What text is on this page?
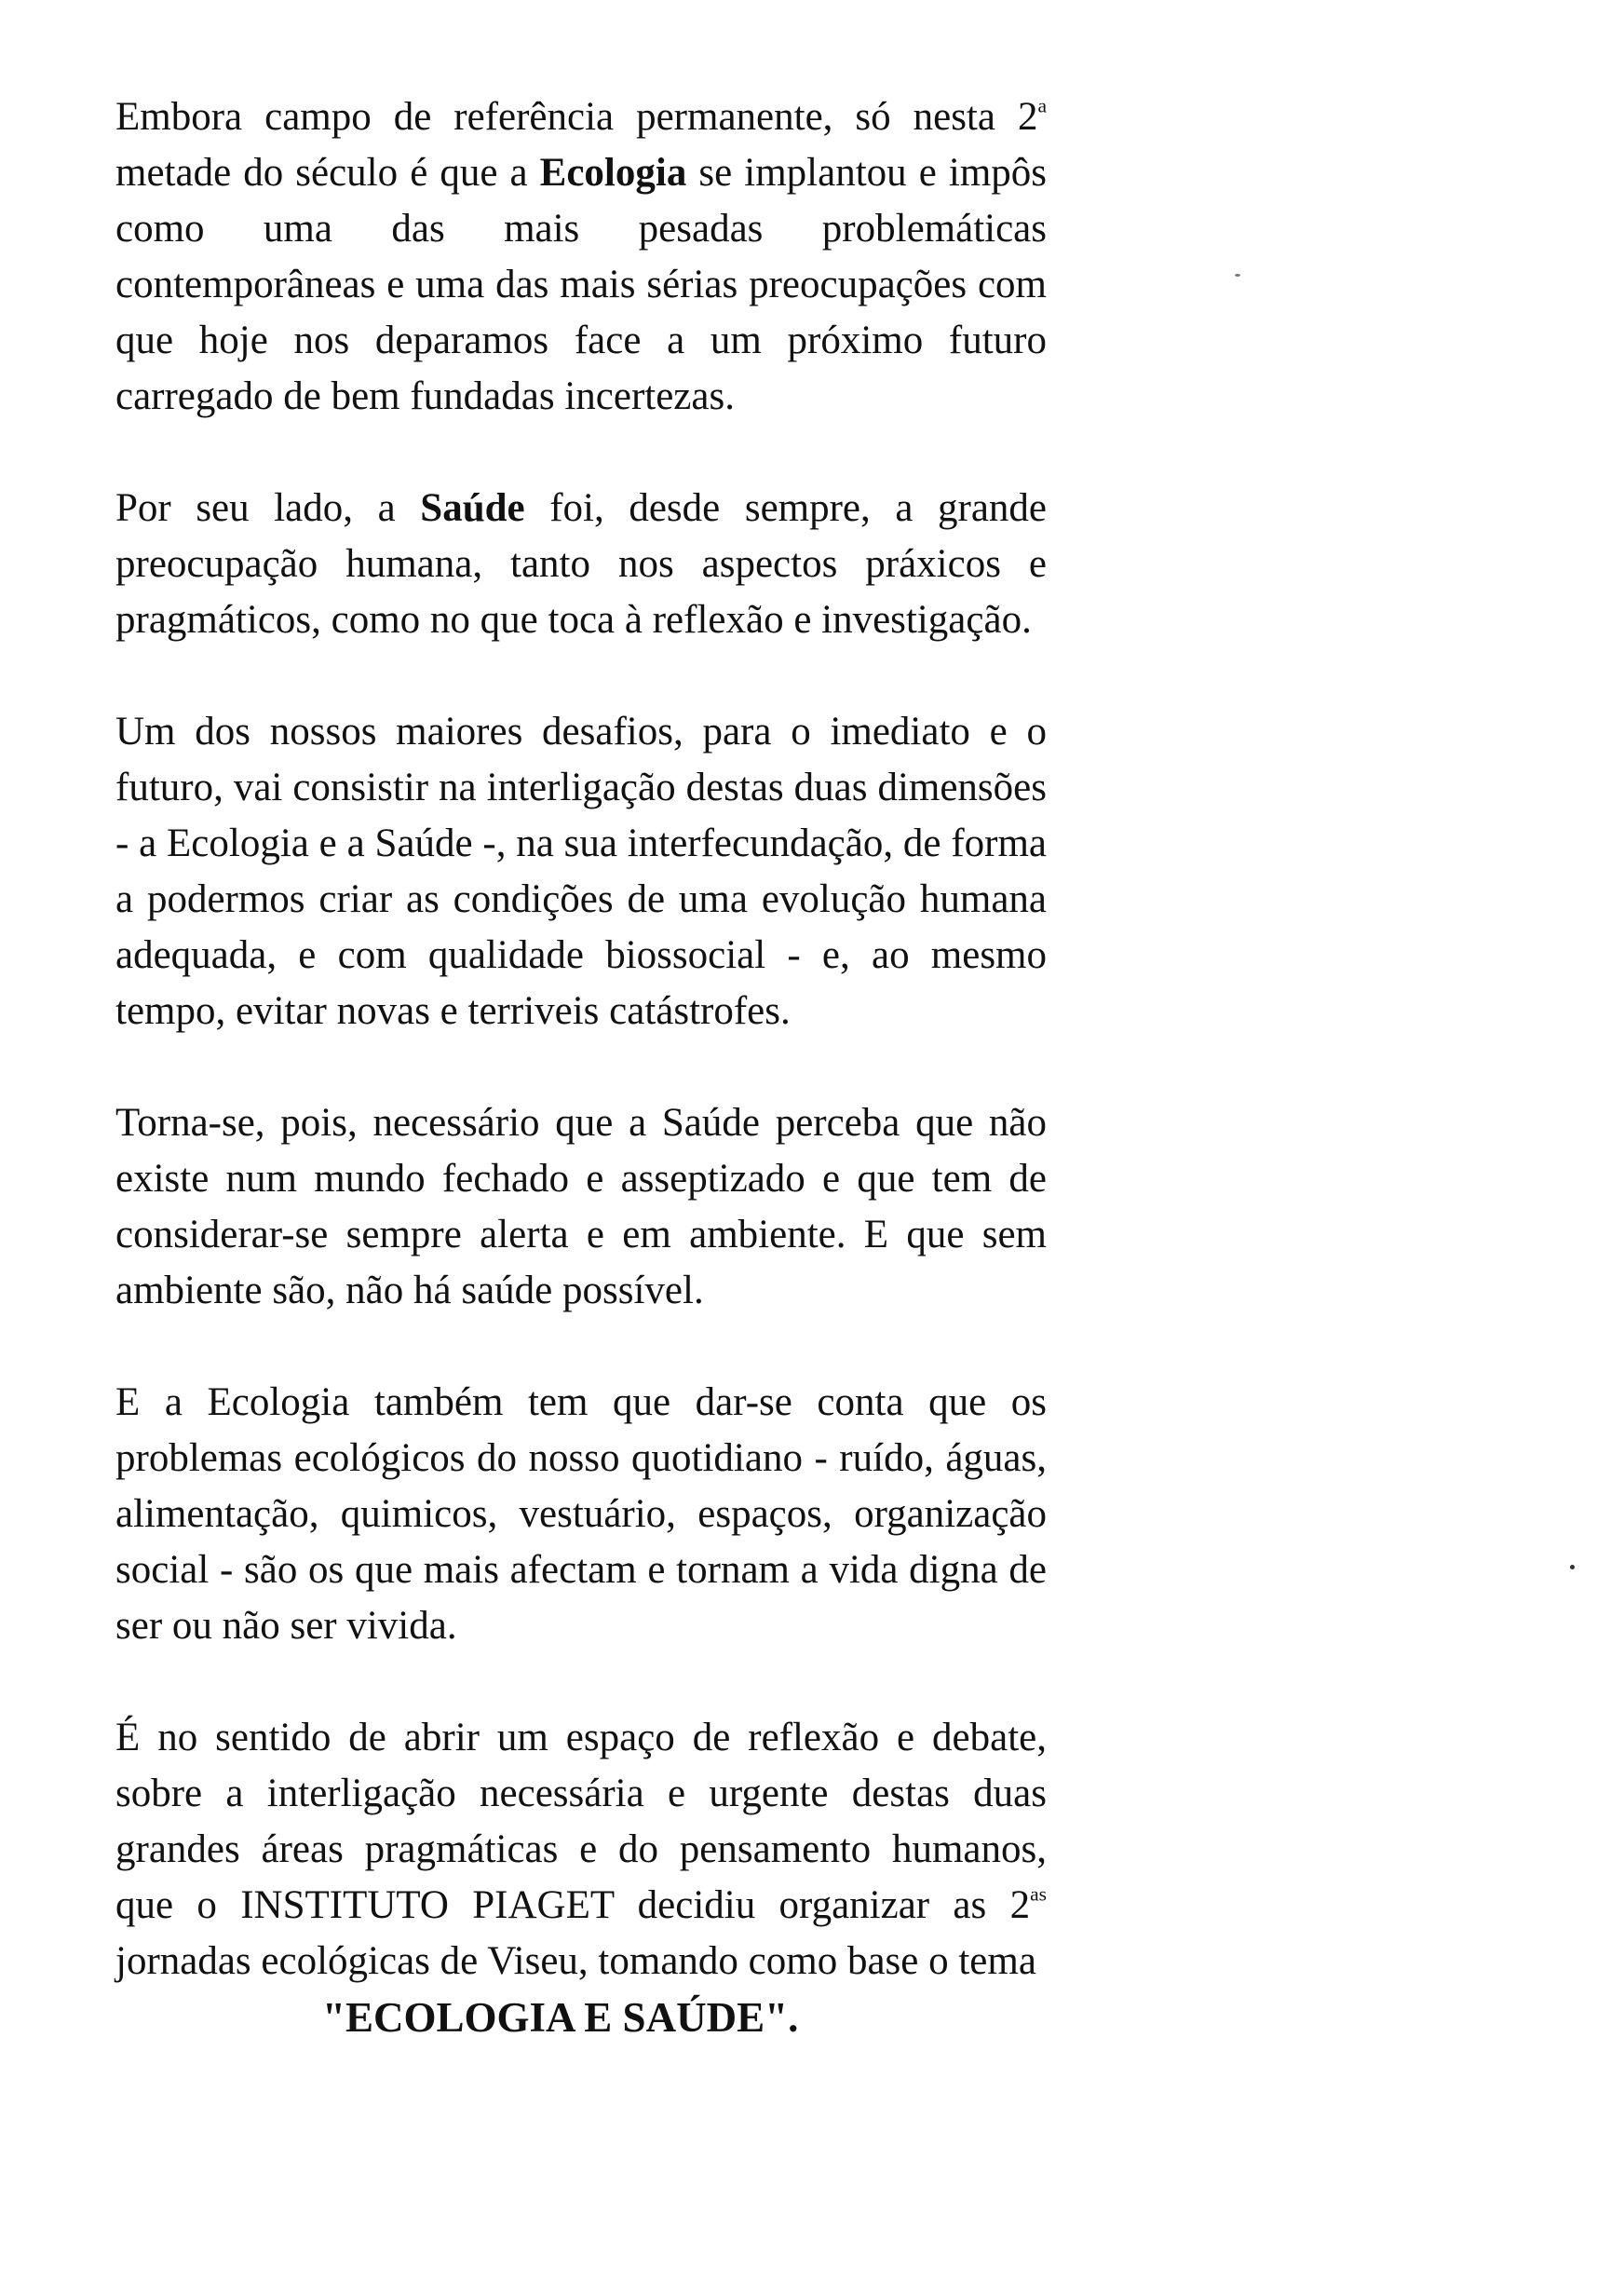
Embora campo de referência permanente, só nesta 2$^a$ metade do século é que a Ecologia se implantou e impôs como uma das mais pesadas problemáticas contemporâneas e uma das mais sérias preocupações com que hoje nos deparamos face a um próximo futuro carregado de bem fundadas incertezas.

Por seu lado, a Saúde foi, desde sempre, a grande preocupação humana, tanto nos aspectos práxicos e pragmáticos, como no que toca à reflexão e investigação.

Um dos nossos maiores desafios, para o imediato e o futuro, vai consistir na interligação destas duas dimensões - a Ecologia e a Saúde -, na sua interfecundação, de forma a podermos criar as condições de uma evolução humana adequada, e com qualidade biossocial - e, ao mesmo tempo, evitar novas e terriveis catástrofes.

Torna-se, pois, necessário que a Saúde perceba que não existe num mundo fechado e asseptizado e que tem de considerar-se sempre alerta e em ambiente. E que sem ambiente são, não há saúde possível.

E a Ecologia também tem que dar-se conta que os problemas ecológicos do nosso quotidiano - ruído, águas, alimentação, quimicos, vestuário, espaços, organização social - são os que mais afectam e tornam a vida digna de ser ou não ser vivida.

É no sentido de abrir um espaço de reflexão e debate, sobre a interligação necessária e urgente destas duas grandes áreas pragmáticas e do pensamento humanos, que o INSTITUTO PIAGET decidiu organizar as $2^{as}$ jornadas ecológicas de Viseu, tomando como base o tema

"ECOLOGIA E SAÚDE".
